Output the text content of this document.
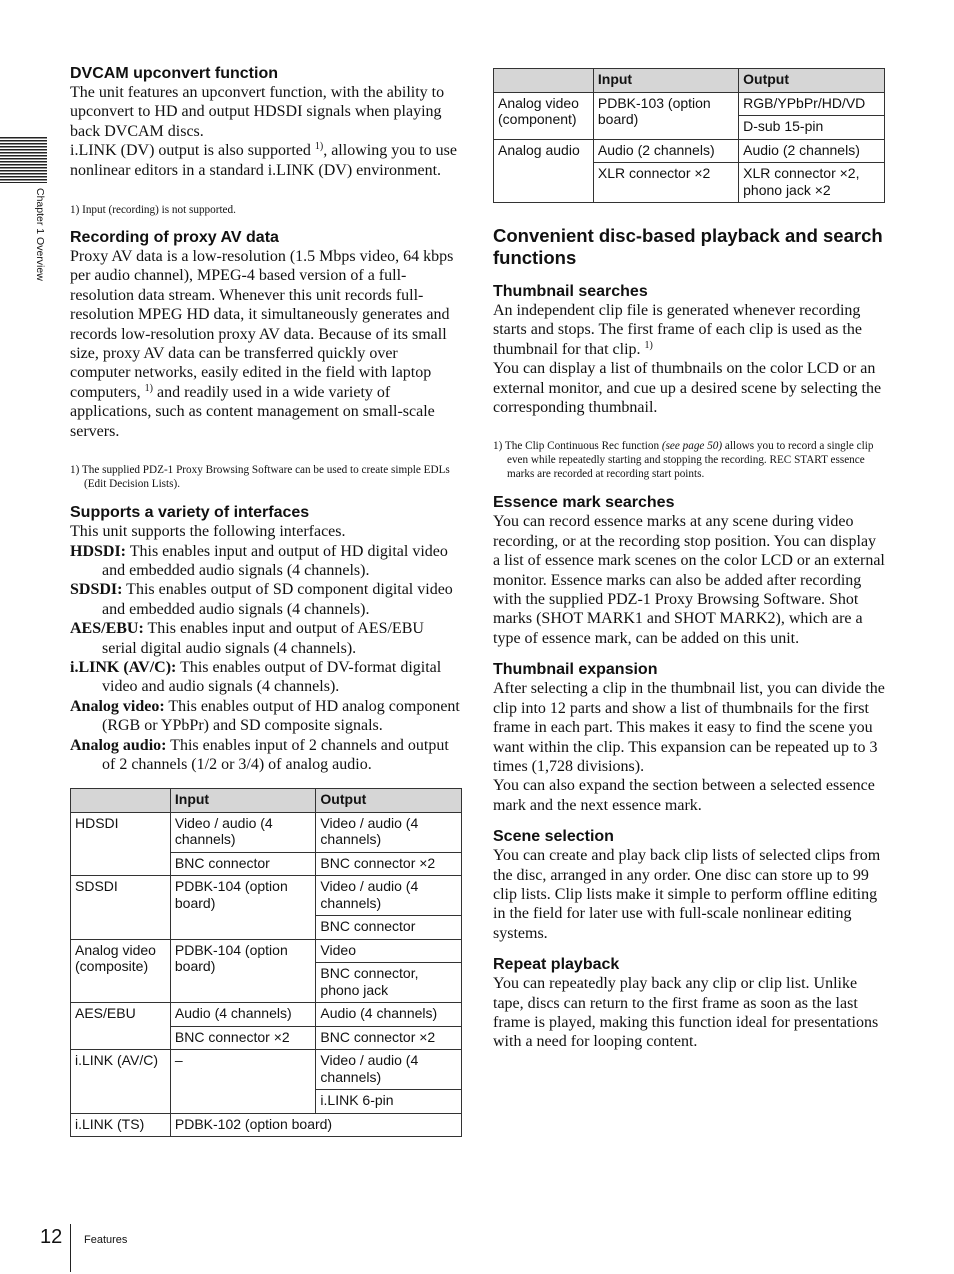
Chapter 1 Overview
DVCAM upconvert function

The unit features an upconvert function, with the ability to upconvert to HD and output HDSDI signals when playing back DVCAM discs.

i.LINK (DV) output is also supported $^{1)}$, allowing you to use nonlinear editors in a standard i.LINK (DV) environment.

1) Input (recording) is not supported.

Recording of proxy AV data

Proxy AV data is a low-resolution (1.5 Mbps video, 64 kbps per audio channel), MPEG-4 based version of a full-resolution data stream. Whenever this unit records full-resolution MPEG HD data, it simultaneously generates and records low-resolution proxy AV data. Because of its small size, proxy AV data can be transferred quickly over computer networks, easily edited in the field with laptop computers, $^{1)}$ and readily used in a wide variety of applications, such as content management on small-scale servers.

1) The supplied PDZ-1 Proxy Browsing Software can be used to create simple EDLs (Edit Decision Lists).

Supports a variety of interfaces

This unit supports the following interfaces.

HDSDI: This enables input and output of HD digital video and embedded audio signals (4 channels).

SDSDI: This enables output of SD component digital video and embedded audio signals (4 channels).

AES/EBU: This enables input and output of AES/EBU serial digital audio signals (4 channels).

i.LINK (AV/C): This enables output of DV-format digital video and audio signals (4 channels).

Analog video: This enables output of HD analog component (RGB or YPbPr) and SD composite signals.

Analog audio: This enables input of 2 channels and output of 2 channels (1/2 or 3/4) of analog audio.

	Input	Output
HDSDI	Video / audio (4 channels)	Video / audio (4 channels)
	BNC connector	BNC connector ×2
SDSDI	PDBK-104 (option board)	Video / audio (4 channels)
		BNC connector
Analog video (composite)	PDBK-104 (option board)	Video
		BNC connector, phono jack
AES/EBU	Audio (4 channels)	Audio (4 channels)
	BNC connector ×2	BNC connector ×2
i.LINK (AV/C)	–	Video / audio (4 channels)
		i.LINK 6-pin
i.LINK (TS)	PDBK-102 (option board)	
	Input	Output
Analog video (component)	PDBK-103 (option board)	RGB/YPbPr/HD/VD
		D-sub 15-pin
Analog audio	Audio (2 channels)	Audio (2 channels)
	XLR connector ×2	XLR connector ×2, phono jack ×2
Convenient disc-based playback and search functions
Thumbnail searches

An independent clip file is generated whenever recording starts and stops. The first frame of each clip is used as the thumbnail for that clip. $^{1)}$

You can display a list of thumbnails on the color LCD or an external monitor, and cue up a desired scene by selecting the corresponding thumbnail.

1) The Clip Continuous Rec function (see page 50) allows you to record a single clip even while repeatedly starting and stopping the recording. REC START essence marks are recorded at recording start points.

Essence mark searches

You can record essence marks at any scene during video recording, or at the recording stop position. You can display a list of essence mark scenes on the color LCD or an external monitor. Essence marks can also be added after recording with the supplied PDZ-1 Proxy Browsing Software. Shot marks (SHOT MARK1 and SHOT MARK2), which are a type of essence mark, can be added on this unit.

Thumbnail expansion

After selecting a clip in the thumbnail list, you can divide the clip into 12 parts and show a list of thumbnails for the first frame in each part. This makes it easy to find the scene you want within the clip. This expansion can be repeated up to 3 times (1,728 divisions).

You can also expand the section between a selected essence mark and the next essence mark.

Scene selection

You can create and play back clip lists of selected clips from the disc, arranged in any order. One disc can store up to 99 clip lists. Clip lists make it simple to perform offline editing in the field for later use with full-scale nonlinear editing systems.

Repeat playback

You can repeatedly play back any clip or clip list. Unlike tape, discs can return to the first frame as soon as the last frame is played, making this function ideal for presentations with a need for looping content.

12 Features
